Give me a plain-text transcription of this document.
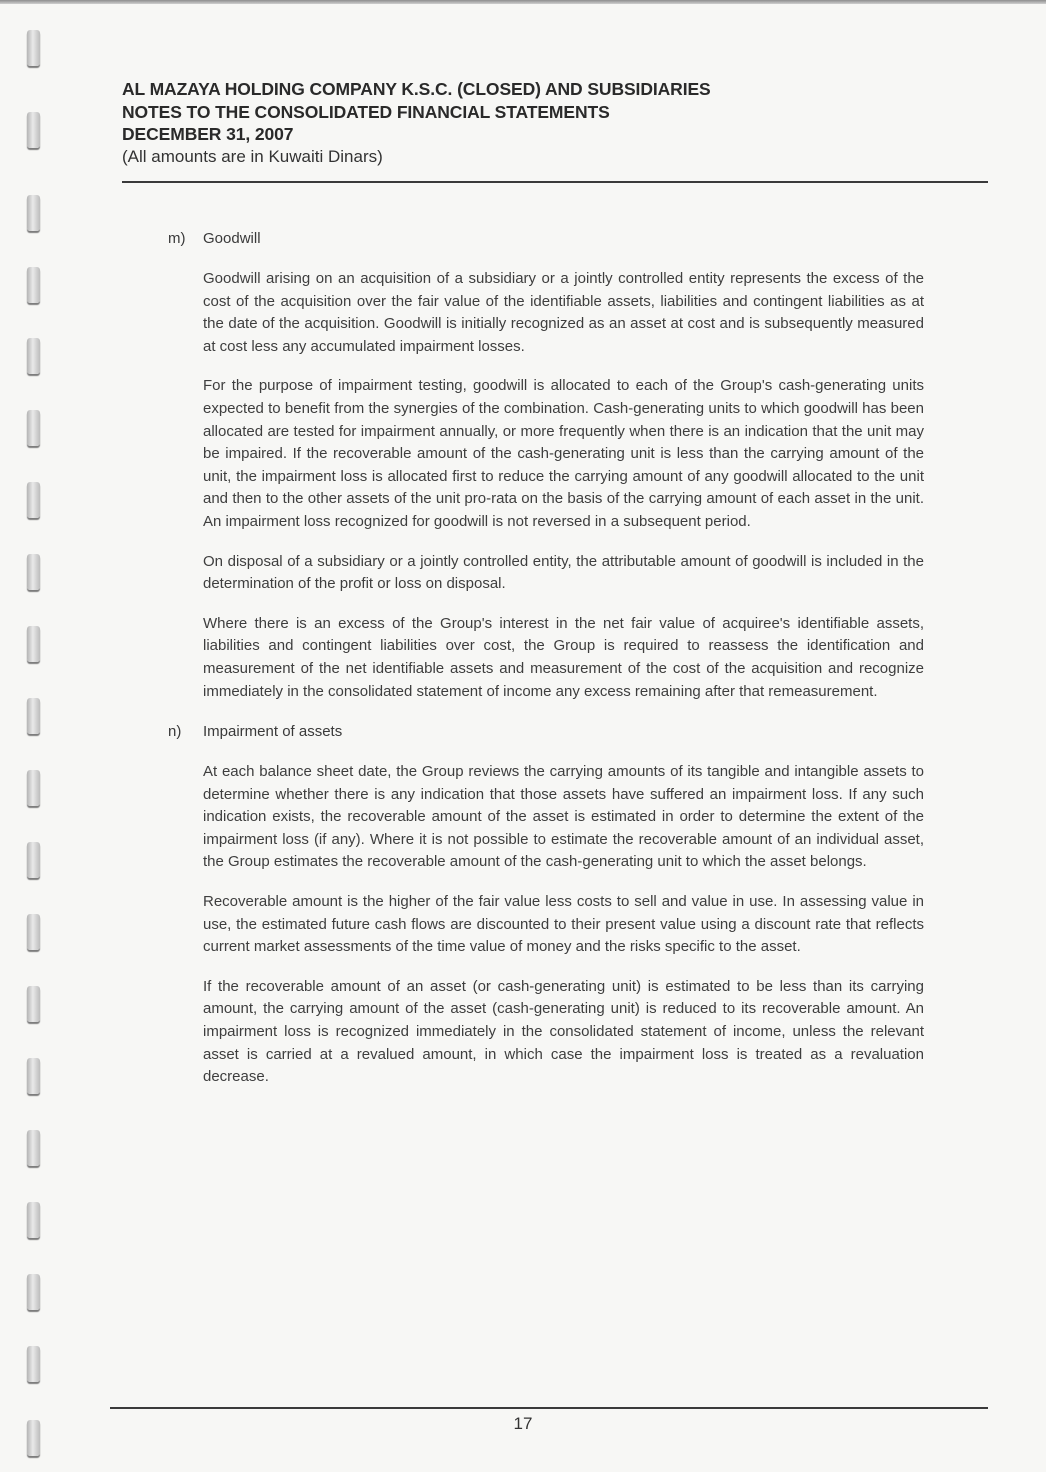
AL MAZAYA HOLDING COMPANY K.S.C. (CLOSED) AND SUBSIDIARIES
NOTES TO THE CONSOLIDATED FINANCIAL STATEMENTS
DECEMBER 31, 2007
(All amounts are in Kuwaiti Dinars)
m)	Goodwill

Goodwill arising on an acquisition of a subsidiary or a jointly controlled entity represents the excess of the cost of the acquisition over the fair value of the identifiable assets, liabilities and contingent liabilities as at the date of the acquisition. Goodwill is initially recognized as an asset at cost and is subsequently measured at cost less any accumulated impairment losses.

For the purpose of impairment testing, goodwill is allocated to each of the Group's cash-generating units expected to benefit from the synergies of the combination. Cash-generating units to which goodwill has been allocated are tested for impairment annually, or more frequently when there is an indication that the unit may be impaired. If the recoverable amount of the cash-generating unit is less than the carrying amount of the unit, the impairment loss is allocated first to reduce the carrying amount of any goodwill allocated to the unit and then to the other assets of the unit pro-rata on the basis of the carrying amount of each asset in the unit. An impairment loss recognized for goodwill is not reversed in a subsequent period.

On disposal of a subsidiary or a jointly controlled entity, the attributable amount of goodwill is included in the determination of the profit or loss on disposal.

Where there is an excess of the Group's interest in the net fair value of acquiree's identifiable assets, liabilities and contingent liabilities over cost, the Group is required to reassess the identification and measurement of the net identifiable assets and measurement of the cost of the acquisition and recognize immediately in the consolidated statement of income any excess remaining after that remeasurement.

n)	Impairment of assets

At each balance sheet date, the Group reviews the carrying amounts of its tangible and intangible assets to determine whether there is any indication that those assets have suffered an impairment loss. If any such indication exists, the recoverable amount of the asset is estimated in order to determine the extent of the impairment loss (if any). Where it is not possible to estimate the recoverable amount of an individual asset, the Group estimates the recoverable amount of the cash-generating unit to which the asset belongs.

Recoverable amount is the higher of the fair value less costs to sell and value in use. In assessing value in use, the estimated future cash flows are discounted to their present value using a discount rate that reflects current market assessments of the time value of money and the risks specific to the asset.

If the recoverable amount of an asset (or cash-generating unit) is estimated to be less than its carrying amount, the carrying amount of the asset (cash-generating unit) is reduced to its recoverable amount. An impairment loss is recognized immediately in the consolidated statement of income, unless the relevant asset is carried at a revalued amount, in which case the impairment loss is treated as a revaluation decrease.

17
